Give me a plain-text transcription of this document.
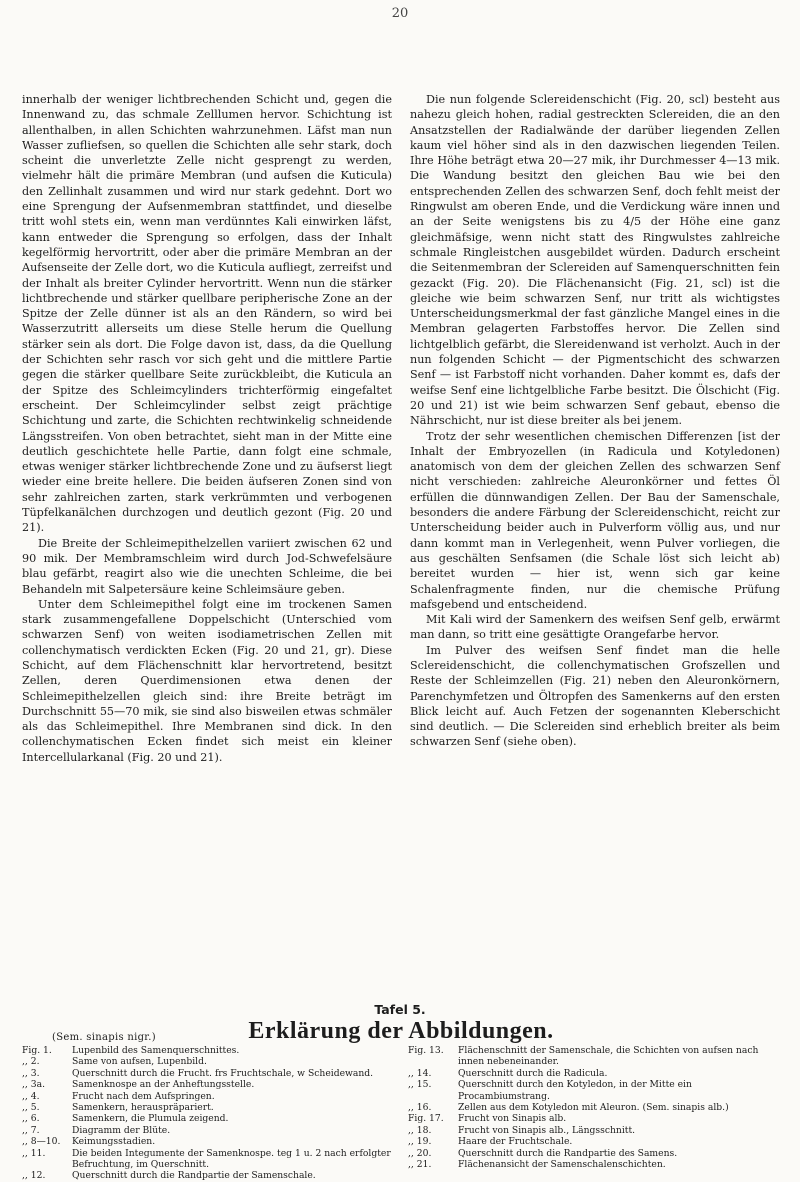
20

innerhalb der weniger lichtbrechenden Schicht und, gegen die Innenwand zu, das schmale Zelllumen hervor. Schichtung ist allenthalben, in allen Schichten wahrzunehmen. Läfst man nun Wasser zufliefsen, so quellen die Schichten alle sehr stark, doch scheint die unverletzte Zelle nicht gesprengt zu werden, vielmehr hält die primäre Membran (und aufsen die Kuticula) den Zellinhalt zusammen und wird nur stark gedehnt. Dort wo eine Sprengung der Aufsenmembran stattfindet, und dieselbe tritt wohl stets ein, wenn man verdünntes Kali einwirken läfst, kann entweder die Sprengung so erfolgen, dass der Inhalt kegelförmig hervortritt, oder aber die primäre Membran an der Aufsenseite der Zelle dort, wo die Kuticula aufliegt, zerreifst und der Inhalt als breiter Cylinder hervortritt. Wenn nun die stärker lichtbrechende und stärker quellbare peripherische Zone an der Spitze der Zelle dünner ist als an den Rändern, so wird bei Wasserzutritt allerseits um diese Stelle herum die Quellung stärker sein als dort. Die Folge davon ist, dass, da die Quellung der Schichten sehr rasch vor sich geht und die mittlere Partie gegen die stärker quellbare Seite zurückbleibt, die Kuticula an der Spitze des Schleimcylinders trichterförmig eingefaltet erscheint. Der Schleimcylinder selbst zeigt prächtige Schichtung und zarte, die Schichten rechtwinkelig schneidende Längsstreifen. Von oben betrachtet, sieht man in der Mitte eine deutlich geschichtete helle Partie, dann folgt eine schmale, etwas weniger stärker lichtbrechende Zone und zu äufserst liegt wieder eine breite hellere. Die beiden äufseren Zonen sind von sehr zahlreichen zarten, stark verkrümmten und verbogenen Tüpfelkanälchen durchzogen und deutlich gezont (Fig. 20 und 21).

Die Breite der Schleimepithelzellen variiert zwischen 62 und 90 mik. Der Membramschleim wird durch Jod-Schwefelsäure blau gefärbt, reagirt also wie die unechten Schleime, die bei Behandeln mit Salpetersäure keine Schleimsäure geben.

Unter dem Schleimepithel folgt eine im trockenen Samen stark zusammengefallene Doppelschicht (Unterschied vom schwarzen Senf) von weiten isodiametrischen Zellen mit collenchymatisch verdickten Ecken (Fig. 20 und 21, gr). Diese Schicht, auf dem Flächenschnitt klar hervortretend, besitzt Zellen, deren Querdimensionen etwa denen der Schleimepithelzellen gleich sind: ihre Breite beträgt im Durchschnitt 55—70 mik, sie sind also bisweilen etwas schmäler als das Schleimepithel. Ihre Membranen sind dick. In den collenchymatischen Ecken findet sich meist ein kleiner Intercellularkanal (Fig. 20 und 21).

Die nun folgende Sclereidenschicht (Fig. 20, scl) besteht aus nahezu gleich hohen, radial gestreckten Sclereiden, die an den Ansatzstellen der Radialwände der darüber liegenden Zellen kaum viel höher sind als in den dazwischen liegenden Teilen. Ihre Höhe beträgt etwa 20—27 mik, ihr Durchmesser 4—13 mik. Die Wandung besitzt den gleichen Bau wie bei den entsprechenden Zellen des schwarzen Senf, doch fehlt meist der Ringwulst am oberen Ende, und die Verdickung wäre innen und an der Seite wenigstens bis zu 4/5 der Höhe eine ganz gleichmäfsige, wenn nicht statt des Ringwulstes zahlreiche schmale Ringleistchen ausgebildet würden. Dadurch erscheint die Seitenmembran der Sclereiden auf Samenquerschnitten fein gezackt (Fig. 20). Die Flächenansicht (Fig. 21, scl) ist die gleiche wie beim schwarzen Senf, nur tritt als wichtigstes Unterscheidungsmerkmal der fast gänzliche Mangel eines in die Membran gelagerten Farbstoffes hervor. Die Zellen sind lichtgelblich gefärbt, die Slereidenwand ist verholzt. Auch in der nun folgenden Schicht — der Pigmentschicht des schwarzen Senf — ist Farbstoff nicht vorhanden. Daher kommt es, dafs der weifse Senf eine lichtgelbliche Farbe besitzt. Die Ölschicht (Fig. 20 und 21) ist wie beim schwarzen Senf gebaut, ebenso die Nährschicht, nur ist diese breiter als bei jenem.

Trotz der sehr wesentlichen chemischen Differenzen [ist der Inhalt der Embryozellen (in Radicula und Kotyledonen) anatomisch von dem der gleichen Zellen des schwarzen Senf nicht verschieden: zahlreiche Aleuronkörner und fettes Öl erfüllen die dünnwandigen Zellen. Der Bau der Samenschale, besonders die andere Färbung der Sclereidenschicht, reicht zur Unterscheidung beider auch in Pulverform völlig aus, und nur dann kommt man in Verlegenheit, wenn Pulver vorliegen, die aus geschälten Senfsamen (die Schale löst sich leicht ab) bereitet wurden — hier ist, wenn sich gar keine Schalenfragmente finden, nur die chemische Prüfung mafsgebend und entscheidend.

Mit Kali wird der Samenkern des weifsen Senf gelb, erwärmt man dann, so tritt eine gesättigte Orangefarbe hervor.

Im Pulver des weifsen Senf findet man die helle Sclereidenschicht, die collenchymatischen Grofszellen und Reste der Schleimzellen (Fig. 21) neben den Aleuronkörnern, Parenchymfetzen und Öltropfen des Samenkerns auf den ersten Blick leicht auf. Auch Fetzen der sogenannten Kleberschicht sind deutlich. — Die Sclereiden sind erheblich breiter als beim schwarzen Senf (siehe oben).

Tafel 5.
(Sem. sinapis nigr.)	Erklärung der Abbildungen.
Fig. 1.	Lupenbild des Samenquerschnittes.
,, 2.	Same von aufsen, Lupenbild.
,, 3.	Querschnitt durch die Frucht. frs Fruchtschale, w Scheidewand.
,, 3a.	Samenknospe an der Anheftungsstelle.
,, 4.	Frucht nach dem Aufspringen.
,, 5.	Samenkern, herauspräpariert.
,, 6.	Samenkern, die Plumula zeigend.
,, 7.	Diagramm der Blüte.
,, 8—10.	Keimungsstadien.
,, 11.	Die beiden Integumente der Samenknospe. teg 1 u. 2 nach erfolgter Befruchtung, im Querschnitt.
,, 12.	Querschnitt durch die Randpartie der Samenschale.
Fig. 13.	Flächenschnitt der Samenschale, die Schichten von aufsen nach innen nebeneinander.
,, 14.	Querschnitt durch die Radicula.
,, 15.	Querschnitt durch den Kotyledon, in der Mitte ein Procambiumstrang.
,, 16.	Zellen aus dem Kotyledon mit Aleuron. (Sem. sinapis alb.)
Fig. 17.	Frucht von Sinapis alb.
,, 18.	Frucht von Sinapis alb., Längsschnitt.
,, 19.	Haare der Fruchtschale.
,, 20.	Querschnitt durch die Randpartie des Samens.
,, 21.	Flächenansicht der Samenschalenschichten.
